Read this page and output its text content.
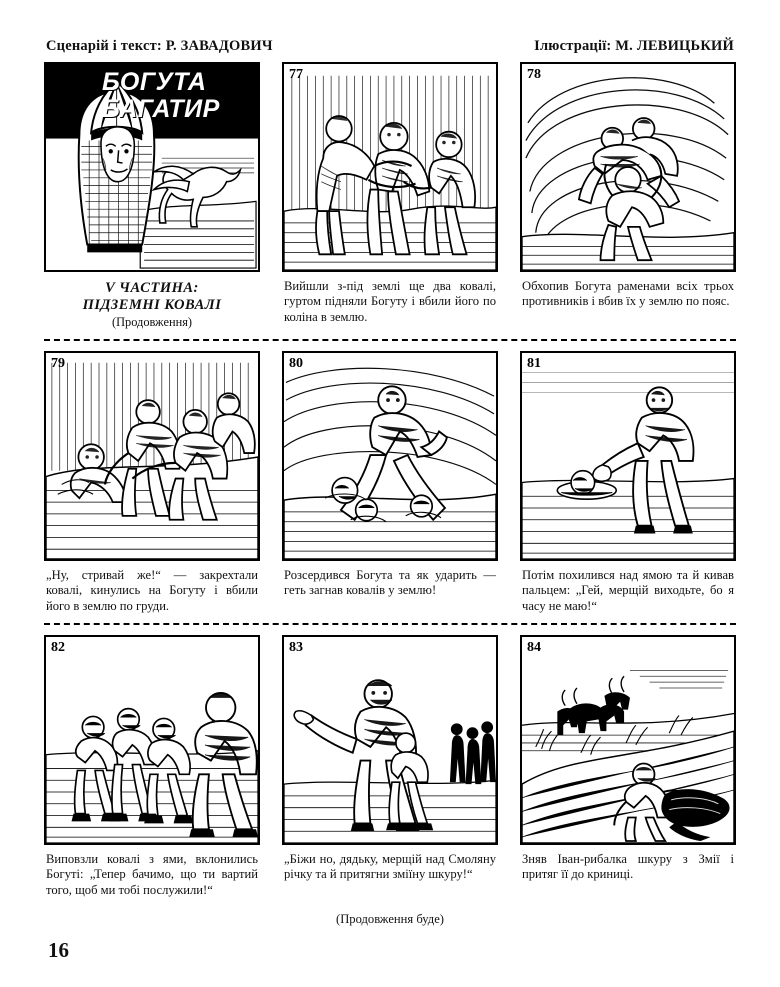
Сценарій і текст: Р. ЗАВАДОВИЧ	Ілюстрації: М. ЛЕВИЦЬКИЙ
БОГУТА
БАГАТИР
V ЧАСТИНА:
ПІДЗЕМНІ КОВАЛІ
(Продовження)
77
Вийшли з-під землі ще два ковалі, гуртом підняли Богуту і вбили його по коліна в землю.
78
Обхопив Богута раменами всіх трьох противників і вбив їх у землю по пояс.
79
„Ну, стривай же!“ — закрехтали ковалі, кинулись на Богуту і вбили його в землю по груди.
80
Розсердився Богута та як ударить — геть загнав ковалів у землю!
81
Потім похилився над ямою та й кивав пальцем: „Гей, мерщій виходьте, бо я часу не маю!“
82
Виповзли ковалі з ями, вклонились Богуті: „Тепер бачимо, що ти вартий того, щоб ми тобі послужили!“
83
„Біжи но, дядьку, мерщій над Смоляну річку та й притягни зміїну шкуру!“
84
Зняв Іван-рибалка шкуру з Змії і притяг її до криниці.
(Продовження буде)
16
